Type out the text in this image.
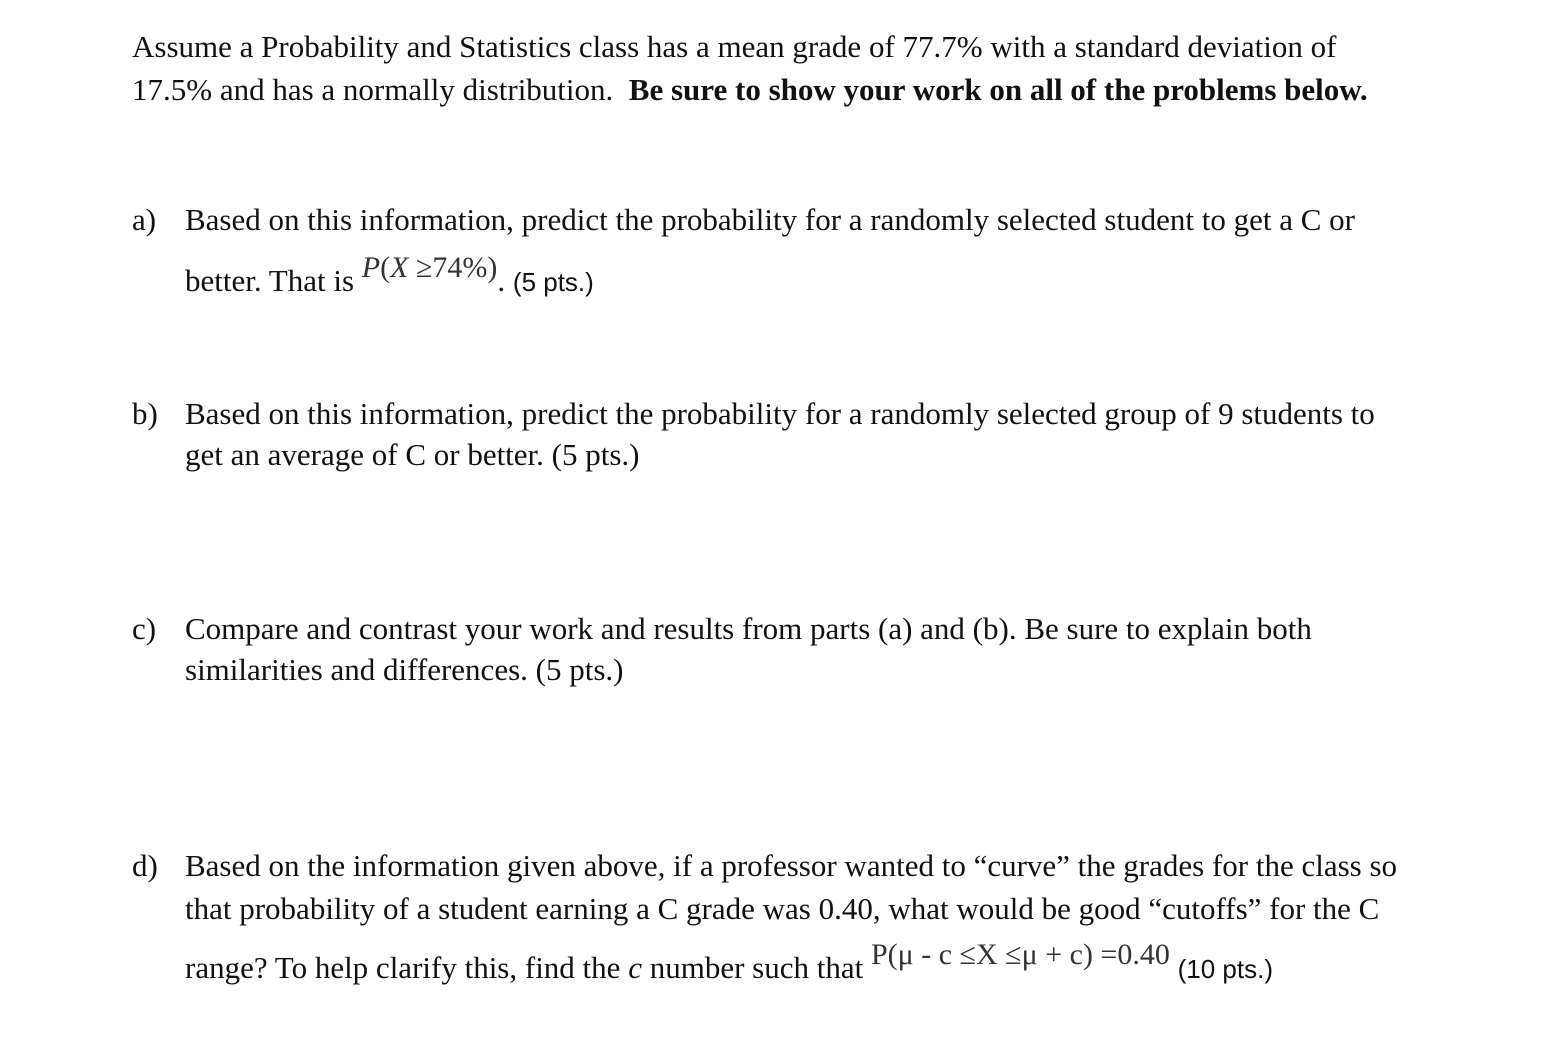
Assume a Probability and Statistics class has a mean grade of 77.7% with a standard deviation of
17.5% and has a normally distribution. Be sure to show your work on all of the problems below.
a) Based on this information, predict the probability for a randomly selected student to get a C or
better. That is P(X ≥74%). (5 pts.)
b) Based on this information, predict the probability for a randomly selected group of 9 students to
get an average of C or better. (5 pts.)
c) Compare and contrast your work and results from parts (a) and (b). Be sure to explain both
similarities and differences. (5 pts.)
d) Based on the information given above, if a professor wanted to “curve” the grades for the class so
that probability of a student earning a C grade was 0.40, what would be good “cutoffs” for the C
range? To help clarify this, find the c number such that P(μ - c ≤X ≤μ + c) =0.40 (10 pts.)
